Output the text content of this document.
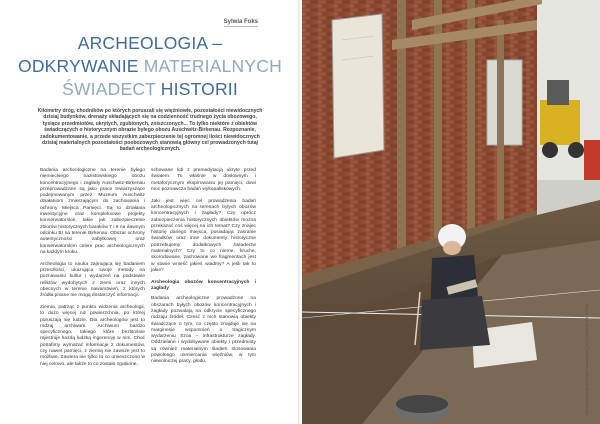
Sylwia Foks
ARCHEOLOGIA –
ODKRYWANIE MATERIALNYCH
ŚWIADECT HISTORII
Kilometry dróg, chodników po których poruszali się więźniowie, pozostałości niewidocznych dzisiaj budynków, drenaży składających się na codzienność trudnego życia obozowego, tysiące przedmiotów, ukrytych, zgubionych, zniszczonych... To tylko niektóre z obiektów świadczących o historycznym obrazie byłego obozu Auschwitz-Birkenau. Rozpoznanie, zadokumentowanie, a przede wszystkim zabezpieczenie tej ogromnej ilości niewidocznych dzisiaj materialnych pozostałości poobozowych stanowią główny cel prowadzonych tutaj badań archeologicznych.

Badania archeologiczne na terenie byłego niemieckiego nazistowskiego obozu koncentracyjnego i zagłady Auschwitz-Birkenau przeprowadzane są jako prace towarzyszące podejmowanym przez Muzeum Auschwitz działaniom zmierzającym do zachowania i ochrony Miejsca Pamięci. Są to działania inwestycyjne oraz kompleksowe projekty konserwatorskie, takie jak zabezpieczenie zbiorów historycznych baraków 7 i 8 na dawnym odcinku BI na terenie Birkenau. Obszar ochrony autentyczności zabytkowej oraz konserwatorskim celem prac archeologicznych na każdym kroku.

Archeologia to nauka zajmująca się badaniem przeszłości, ukazująca swoje metody na poznawaniu kultur i wydarzeń na podstawie reliktów wydobytych z ziemi oraz innych obecnych w terenie nawarstwień, z których źródła pisane nie mogą dostarczyć informacji.

Ziemia, patrząc z punktu widzenia archeologii, to dużo więcej niż powierzchnia, po której poruszają się ludzie. Dla archeologów jest to rodzaj archiwum. Archiwum bardzo specyficznego, takiego które bezlitośnie rejestruje każdą ludzką ingerencję w nim. Choć potrafimy wymazać informacje z dokumentów, czy nawet pamięci, z ziemią nie zawsze jest to możliwe. Zawiera nie tylko to co umieszczono w niej celowo, ale także to co zostało zgubione,

schowane lub z premedytacją ukryte przed światem. To właśnie w dosłownym i metaforycznym ekspirowaniu jej pamięci, dowi moc poznawcza badań wykopaliskowych.

Jaki jest więc cel prowadzenia badań archeologicznych na terenach byłych obozów koncentracyjnych i zagłady? Czy oprócz zabezpieczenia historycznych obiektów można przekazać coś więcej na ich temat? Czy znajec historię danego miejsca, posiadając zasranie świadków oraz inne dokumenty historyczne potrzebujemy dodatkowych świadectw materialnych? Czy to co nieme, kruche, skorodowane, zachowane we fragmentach jest w stanie wnieść jakieś wiadmy? A jeśli tak to jakie?

Archeologia obozów koncentracyjnych i zagłady

Badania archeologiczne prowadzone na obszarach byłych obozów koncentracyjnych i zagłady pozwalają na odkrycie specyficznego rodzaju źródeł. Cześć z nich stanowią obiekty świadczące o tym, co często znajduje się na marginesie wspomnień o tragicznym wydarzeniu Szoa – infrastrukturze zagłady. Oddzielane i wydobywane obiekty i przedmioty są również materialnym śladem stosowania powolnego usmiercania więźniów, w tym niewolniczej pracy, głodu,	Wykopaliska w dawnej budce wartowniczej, zbiory Muzeum, fot. P. Foks
